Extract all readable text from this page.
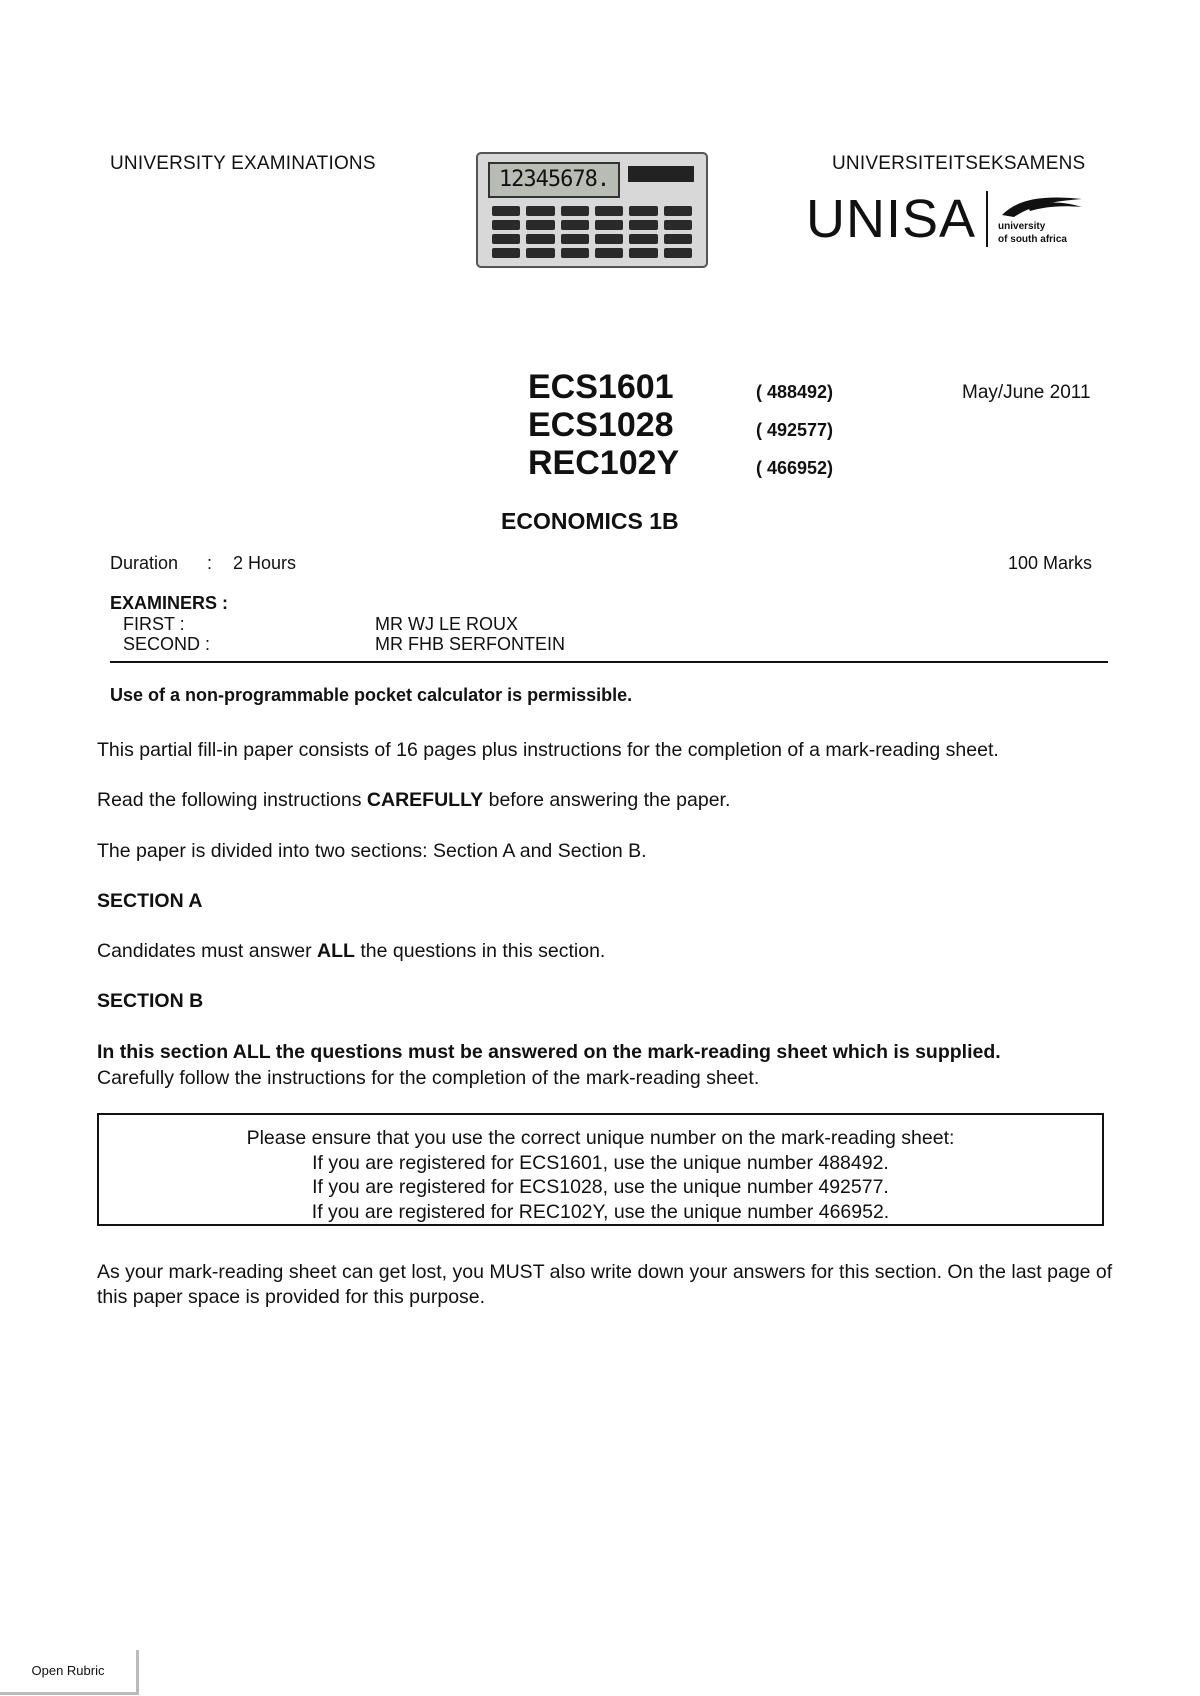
UNIVERSITY EXAMINATIONS	UNIVERSITEITSEKSAMENS
12345678.
UNISA university
of south africa
ECS1601	( 488492)
ECS1028	( 492577)
REC102Y	( 466952)
May/June 2011
ECONOMICS 1B
Duration : 2 Hours	100 Marks
EXAMINERS :
FIRST :	MR WJ LE ROUX
SECOND :	MR FHB SERFONTEIN
Use of a non-programmable pocket calculator is permissible.
This partial fill-in paper consists of 16 pages plus instructions for the completion of a mark-reading sheet.
Read the following instructions CAREFULLY before answering the paper.
The paper is divided into two sections: Section A and Section B.
SECTION A
Candidates must answer ALL the questions in this section.
SECTION B
In this section ALL the questions must be answered on the mark-reading sheet which is supplied.
Carefully follow the instructions for the completion of the mark-reading sheet.
Please ensure that you use the correct unique number on the mark-reading sheet:
If you are registered for ECS1601, use the unique number 488492.
If you are registered for ECS1028, use the unique number 492577.
If you are registered for REC102Y, use the unique number 466952.
As your mark-reading sheet can get lost, you MUST also write down your answers for this section. On the last page of this paper space is provided for this purpose.
Open Rubric
